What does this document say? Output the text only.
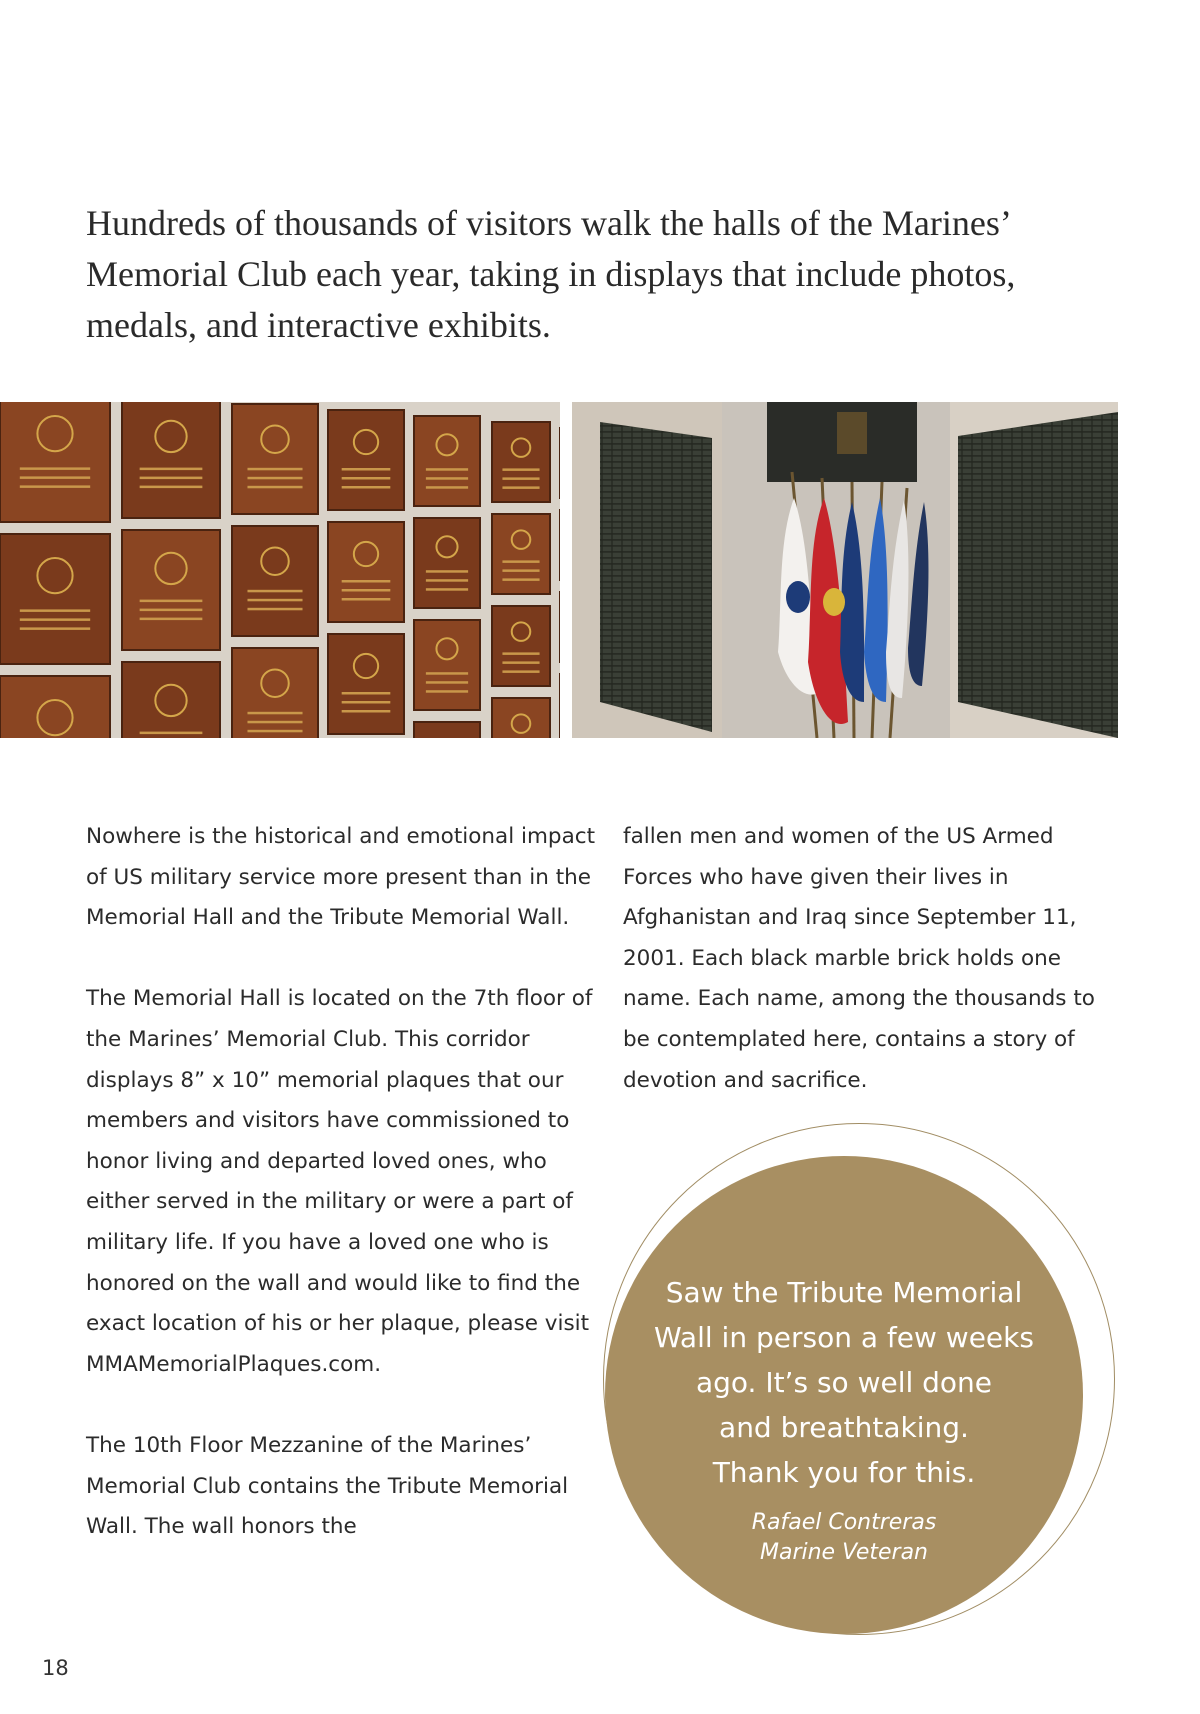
Hundreds of thousands of visitors walk the halls of the Marines’ Memorial Club each year, taking in displays that include photos, medals, and interactive exhibits.

Nowhere is the historical and emotional impact of US military service more present than in the Memorial Hall and the Tribute Memorial Wall.

The Memorial Hall is located on the 7th floor of the Marines’ Memorial Club. This corridor displays 8” x 10” memorial plaques that our members and visitors have commissioned to honor living and departed loved ones, who either served in the military or were a part of military life. If you have a loved one who is honored on the wall and would like to find the exact location of his or her plaque, please visit MMAMemorialPlaques.com.

The 10th Floor Mezzanine of the Marines’ Memorial Club contains the Tribute Memorial Wall. The wall honors the

fallen men and women of the US Armed Forces who have given their lives in Afghanistan and Iraq since September 11, 2001. Each black marble brick holds one name. Each name, among the thousands to be contemplated here, contains a story of devotion and sacrifice.

Saw the Tribute Memorial
Wall in person a few weeks
ago. It’s so well done
and breathtaking.
Thank you for this.

Rafael Contreras
Marine Veteran
18
